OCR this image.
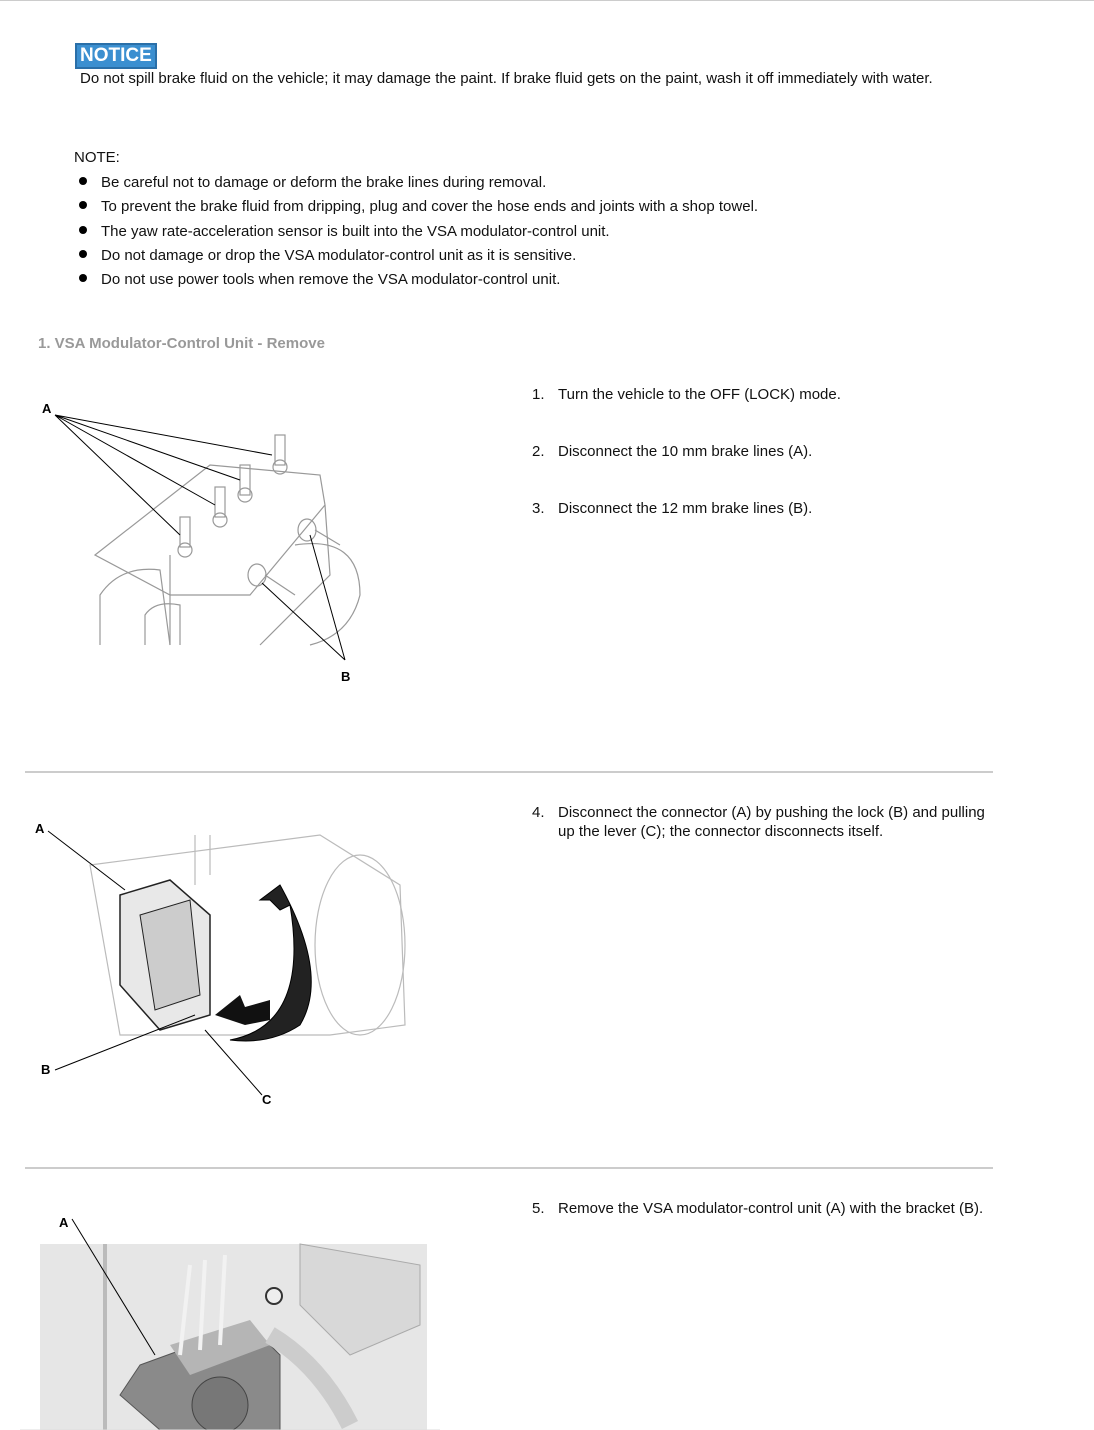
NOTICE
Do not spill brake fluid on the vehicle; it may damage the paint. If brake fluid gets on the paint, wash it off immediately with water.
NOTE:
Be careful not to damage or deform the brake lines during removal.
To prevent the brake fluid from dripping, plug and cover the hose ends and joints with a shop towel.
The yaw rate-acceleration sensor is built into the VSA modulator-control unit.
Do not damage or drop the VSA modulator-control unit as it is sensitive.
Do not use power tools when remove the VSA modulator-control unit.
1. VSA Modulator-Control Unit - Remove
A
B
1. Turn the vehicle to the OFF (LOCK) mode.
2. Disconnect the 10 mm brake lines (A).
3. Disconnect the 12 mm brake lines (B).
A
B
C
4. Disconnect the connector (A) by pushing the lock (B) and pulling up the lever (C); the connector disconnects itself.
A
5. Remove the VSA modulator-control unit (A) with the bracket (B).
